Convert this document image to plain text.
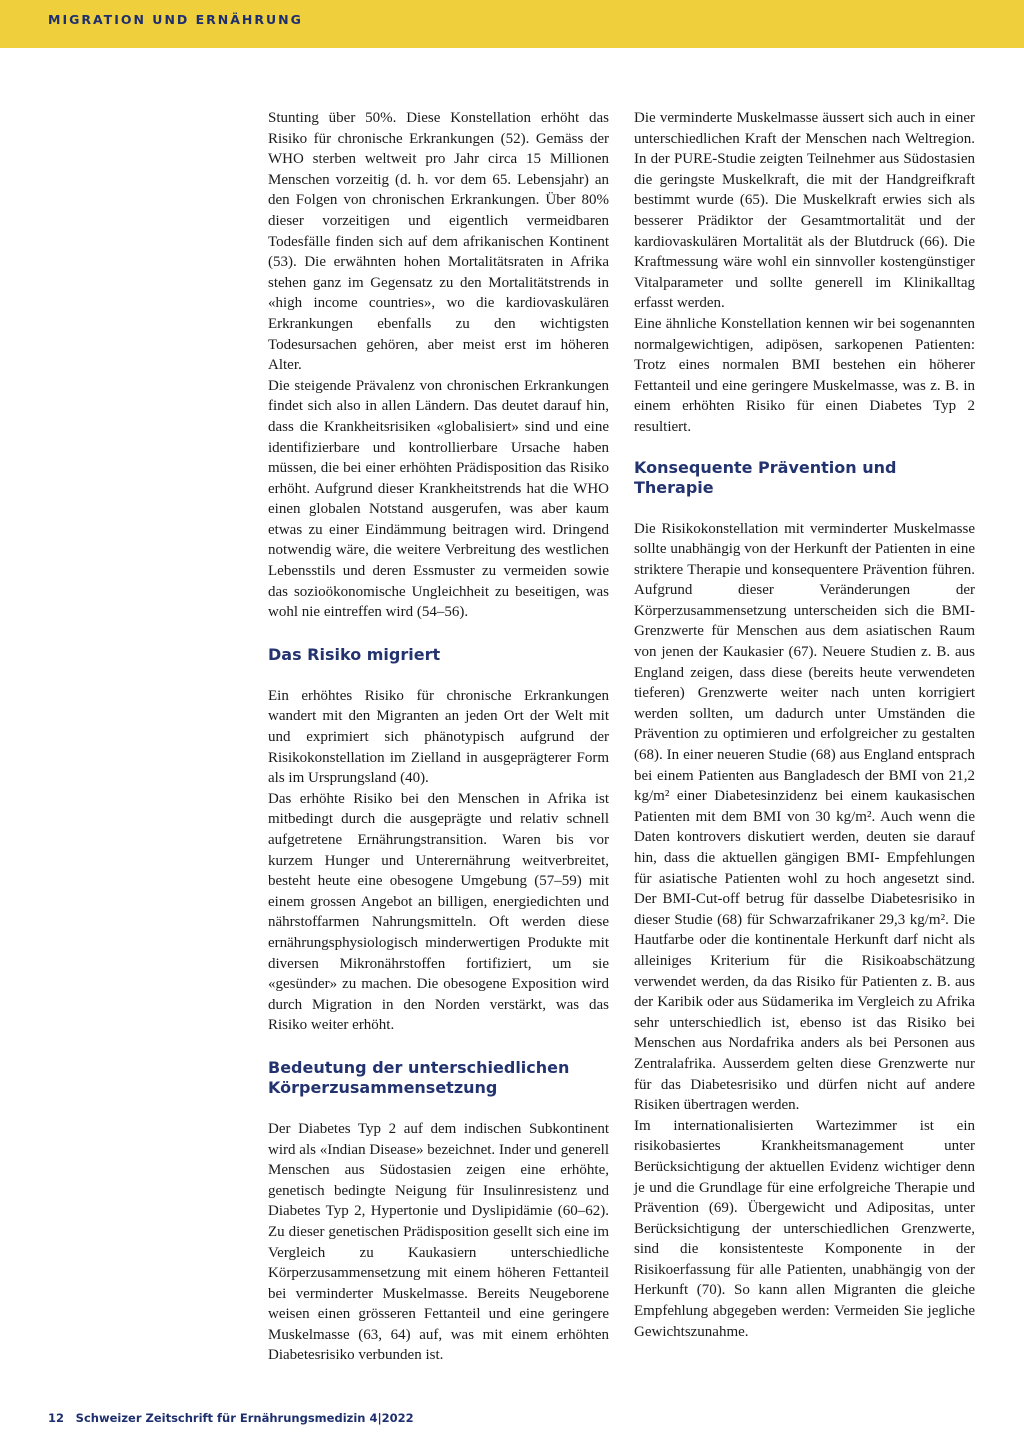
MIGRATION UND ERNÄHRUNG

Stunting über 50%. Diese Konstellation erhöht das Risiko für chronische Erkrankungen (52). Gemäss der WHO sterben weltweit pro Jahr circa 15 Millionen Menschen vorzeitig (d. h. vor dem 65. Lebensjahr) an den Folgen von chronischen Erkrankungen. Über 80% dieser vorzeitigen und eigentlich vermeidbaren Todesfälle finden sich auf dem afrikanischen Kontinent (53). Die erwähnten hohen Mortalitätsraten in Afrika stehen ganz im Gegensatz zu den Mortalitätstrends in «high income countries», wo die kardiovaskulären Erkrankungen ebenfalls zu den wichtigsten Todesursachen gehören, aber meist erst im höheren Alter.

Die steigende Prävalenz von chronischen Erkrankungen findet sich also in allen Ländern. Das deutet darauf hin, dass die Krankheitsrisiken «globalisiert» sind und eine identifizierbare und kontrollierbare Ursache haben müssen, die bei einer erhöhten Prädisposition das Risiko erhöht. Aufgrund dieser Krankheitstrends hat die WHO einen globalen Notstand ausgerufen, was aber kaum etwas zu einer Eindämmung beitragen wird. Dringend notwendig wäre, die weitere Verbreitung des westlichen Lebensstils und deren Essmuster zu vermeiden sowie das sozioökonomische Ungleichheit zu beseitigen, was wohl nie eintreffen wird (54–56).

Das Risiko migriert

Ein erhöhtes Risiko für chronische Erkrankungen wandert mit den Migranten an jeden Ort der Welt mit und exprimiert sich phänotypisch aufgrund der Risikokonstellation im Zielland in ausgeprägterer Form als im Ursprungsland (40).

Das erhöhte Risiko bei den Menschen in Afrika ist mitbedingt durch die ausgeprägte und relativ schnell aufgetretene Ernährungstransition. Waren bis vor kurzem Hunger und Unterernährung weitverbreitet, besteht heute eine obesogene Umgebung (57–59) mit einem grossen Angebot an billigen, energiedichten und nährstoffarmen Nahrungsmitteln. Oft werden diese ernährungsphysiologisch minderwertigen Produkte mit diversen Mikronährstoffen fortifiziert, um sie «gesünder» zu machen. Die obesogene Exposition wird durch Migration in den Norden verstärkt, was das Risiko weiter erhöht.

Bedeutung der unterschiedlichen Körperzusammensetzung

Der Diabetes Typ 2 auf dem indischen Subkontinent wird als «Indian Disease» bezeichnet. Inder und generell Menschen aus Südostasien zeigen eine erhöhte, genetisch bedingte Neigung für Insulinresistenz und Diabetes Typ 2, Hypertonie und Dyslipidämie (60–62). Zu dieser genetischen Prädisposition gesellt sich eine im Vergleich zu Kaukasiern unterschiedliche Körperzusammensetzung mit einem höheren Fettanteil bei verminderter Muskelmasse. Bereits Neugeborene weisen einen grösseren Fettanteil und eine geringere Muskelmasse (63, 64) auf, was mit einem erhöhten Diabetesrisiko verbunden ist.

Die verminderte Muskelmasse äussert sich auch in einer unterschiedlichen Kraft der Menschen nach Weltregion. In der PURE-Studie zeigten Teilnehmer aus Südostasien die geringste Muskelkraft, die mit der Handgreifkraft bestimmt wurde (65). Die Muskelkraft erwies sich als besserer Prädiktor der Gesamtmortalität und der kardiovaskulären Mortalität als der Blutdruck (66). Die Kraftmessung wäre wohl ein sinnvoller kostengünstiger Vitalparameter und sollte generell im Klinikalltag erfasst werden.

Eine ähnliche Konstellation kennen wir bei sogenannten normalgewichtigen, adipösen, sarkopenen Patienten: Trotz eines normalen BMI bestehen ein höherer Fettanteil und eine geringere Muskelmasse, was z. B. in einem erhöhten Risiko für einen Diabetes Typ 2 resultiert.

Konsequente Prävention und Therapie

Die Risikokonstellation mit verminderter Muskelmasse sollte unabhängig von der Herkunft der Patienten in eine striktere Therapie und konsequentere Prävention führen. Aufgrund dieser Veränderungen der Körperzusammensetzung unterscheiden sich die BMI-Grenzwerte für Menschen aus dem asiatischen Raum von jenen der Kaukasier (67). Neuere Studien z. B. aus England zeigen, dass diese (bereits heute verwendeten tieferen) Grenzwerte weiter nach unten korrigiert werden sollten, um dadurch unter Umständen die Prävention zu optimieren und erfolgreicher zu gestalten (68). In einer neueren Studie (68) aus England entsprach bei einem Patienten aus Bangladesch der BMI von 21,2 kg/m² einer Diabetesinzidenz bei einem kaukasischen Patienten mit dem BMI von 30 kg/m². Auch wenn die Daten kontrovers diskutiert werden, deuten sie darauf hin, dass die aktuellen gängigen BMI- Empfehlungen für asiatische Patienten wohl zu hoch angesetzt sind. Der BMI-Cut-off betrug für dasselbe Diabetesrisiko in dieser Studie (68) für Schwarzafrikaner 29,3 kg/m². Die Hautfarbe oder die kontinentale Herkunft darf nicht als alleiniges Kriterium für die Risikoabschätzung verwendet werden, da das Risiko für Patienten z. B. aus der Karibik oder aus Südamerika im Vergleich zu Afrika sehr unterschiedlich ist, ebenso ist das Risiko bei Menschen aus Nordafrika anders als bei Personen aus Zentralafrika. Ausserdem gelten diese Grenzwerte nur für das Diabetesrisiko und dürfen nicht auf andere Risiken übertragen werden.

Im internationalisierten Wartezimmer ist ein risikobasiertes Krankheitsmanagement unter Berücksichtigung der aktuellen Evidenz wichtiger denn je und die Grundlage für eine erfolgreiche Therapie und Prävention (69). Übergewicht und Adipositas, unter Berücksichtigung der unterschiedlichen Grenzwerte, sind die konsistenteste Komponente in der Risikoerfassung für alle Patienten, unabhängig von der Herkunft (70). So kann allen Migranten die gleiche Empfehlung abgegeben werden: Vermeiden Sie jegliche Gewichtszunahme.

12 Schweizer Zeitschrift für Ernährungsmedizin 4|2022
